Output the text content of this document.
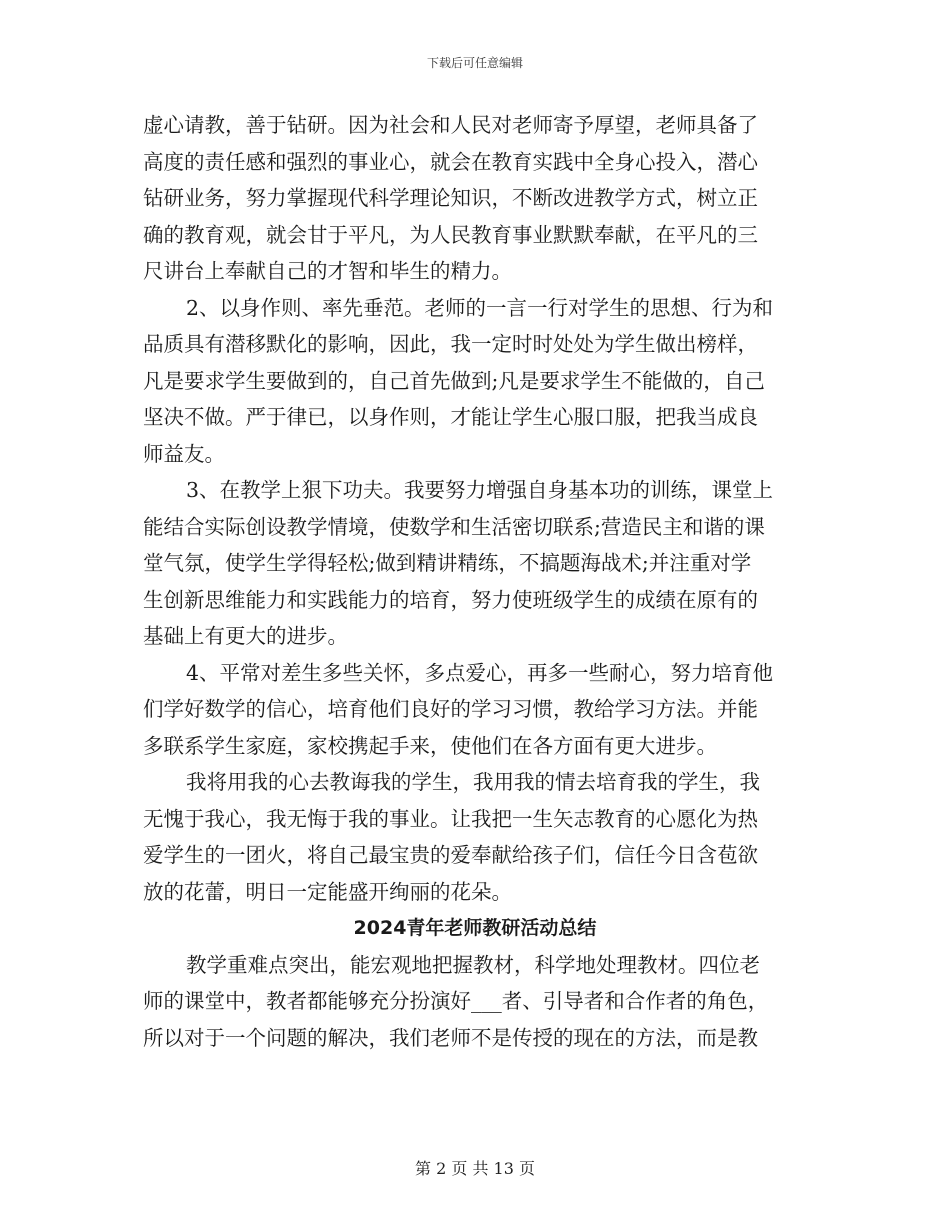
下载后可任意编辑
虚心请教，善于钻研。因为社会和人民对老师寄予厚望，老师具备了
高度的责任感和强烈的事业心，就会在教育实践中全身心投入，潜心
钻研业务，努力掌握现代科学理论知识，不断改进教学方式，树立正
确的教育观，就会甘于平凡，为人民教育事业默默奉献，在平凡的三
尺讲台上奉献自己的才智和毕生的精力。
2、以身作则、率先垂范。老师的一言一行对学生的思想、行为和
品质具有潜移默化的影响，因此，我一定时时处处为学生做出榜样，
凡是要求学生要做到的，自己首先做到;凡是要求学生不能做的，自己
坚决不做。严于律已，以身作则，才能让学生心服口服，把我当成良
师益友。
3、在教学上狠下功夫。我要努力增强自身基本功的训练，课堂上
能结合实际创设教学情境，使数学和生活密切联系;营造民主和谐的课
堂气氛，使学生学得轻松;做到精讲精练，不搞题海战术;并注重对学
生创新思维能力和实践能力的培育，努力使班级学生的成绩在原有的
基础上有更大的进步。
4、平常对差生多些关怀，多点爱心，再多一些耐心，努力培育他
们学好数学的信心，培育他们良好的学习习惯，教给学习方法。并能
多联系学生家庭，家校携起手来，使他们在各方面有更大进步。
我将用我的心去教诲我的学生，我用我的情去培育我的学生，我
无愧于我心，我无悔于我的事业。让我把一生矢志教育的心愿化为热
爱学生的一团火，将自己最宝贵的爱奉献给孩子们，信任今日含苞欲
放的花蕾，明日一定能盛开绚丽的花朵。
2024青年老师教研活动总结
教学重难点突出，能宏观地把握教材，科学地处理教材。四位老
师的课堂中，教者都能够充分扮演好___者、引导者和合作者的角色，
所以对于一个问题的解决，我们老师不是传授的现在的方法，而是教
第 2 页 共 13 页
